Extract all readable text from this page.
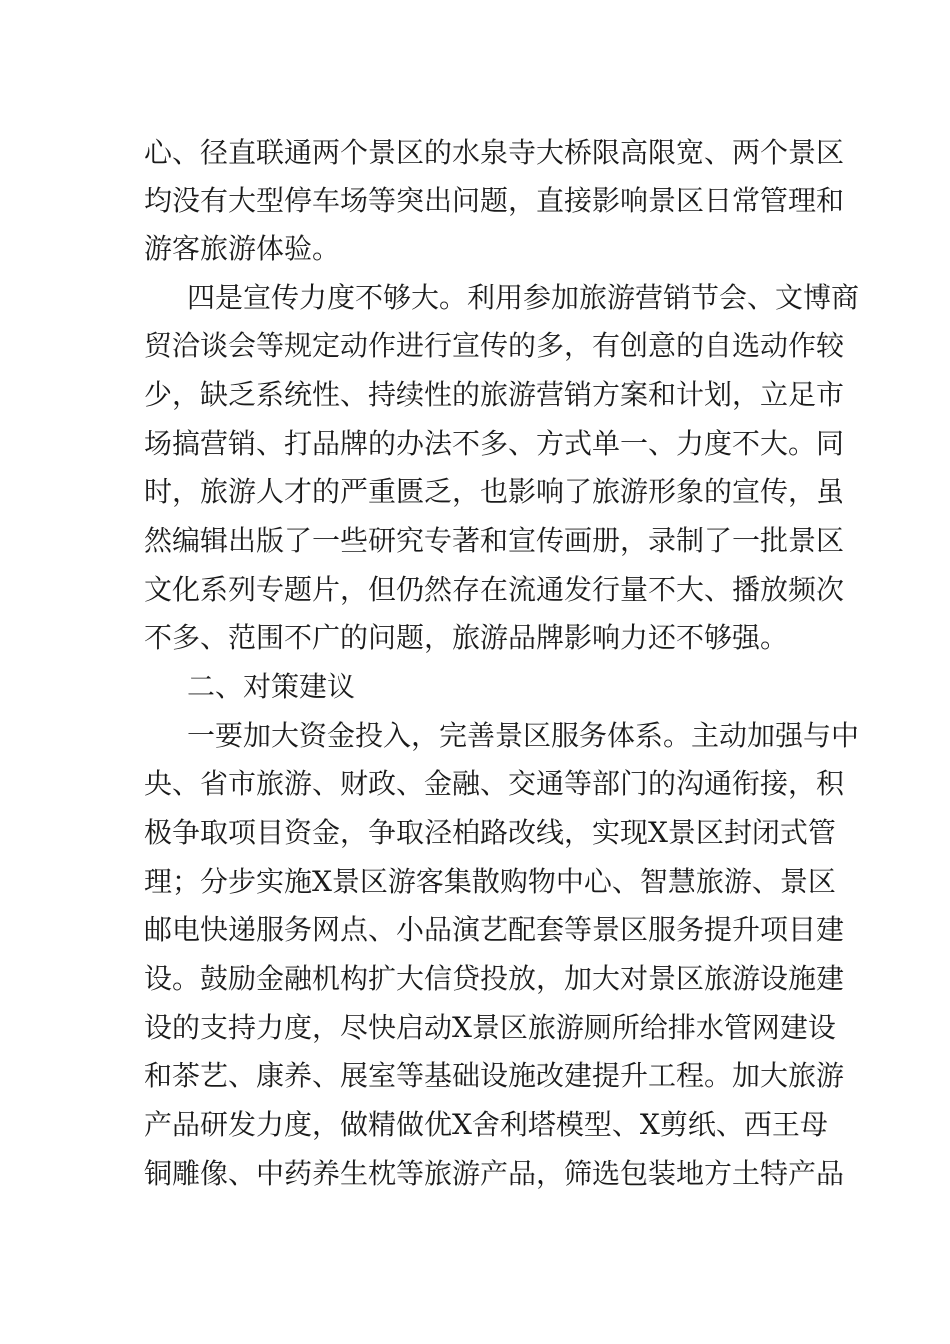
心、径直联通两个景区的水泉寺大桥限高限宽、两个景区
均没有大型停车场等突出问题，直接影响景区日常管理和
游客旅游体验。
四是宣传力度不够大。利用参加旅游营销节会、文博商
贸洽谈会等规定动作进行宣传的多，有创意的自选动作较
少，缺乏系统性、持续性的旅游营销方案和计划，立足市
场搞营销、打品牌的办法不多、方式单一、力度不大。同
时，旅游人才的严重匮乏，也影响了旅游形象的宣传，虽
然编辑出版了一些研究专著和宣传画册，录制了一批景区
文化系列专题片，但仍然存在流通发行量不大、播放频次
不多、范围不广的问题，旅游品牌影响力还不够强。
二、对策建议
一要加大资金投入，完善景区服务体系。主动加强与中
央、省市旅游、财政、金融、交通等部门的沟通衔接，积
极争取项目资金，争取泾柏路改线，实现X景区封闭式管
理；分步实施X景区游客集散购物中心、智慧旅游、景区
邮电快递服务网点、小品演艺配套等景区服务提升项目建
设。鼓励金融机构扩大信贷投放，加大对景区旅游设施建
设的支持力度，尽快启动X景区旅游厕所给排水管网建设
和茶艺、康养、展室等基础设施改建提升工程。加大旅游
产品研发力度，做精做优X舍利塔模型、X剪纸、西王母
铜雕像、中药养生枕等旅游产品，筛选包装地方土特产品
